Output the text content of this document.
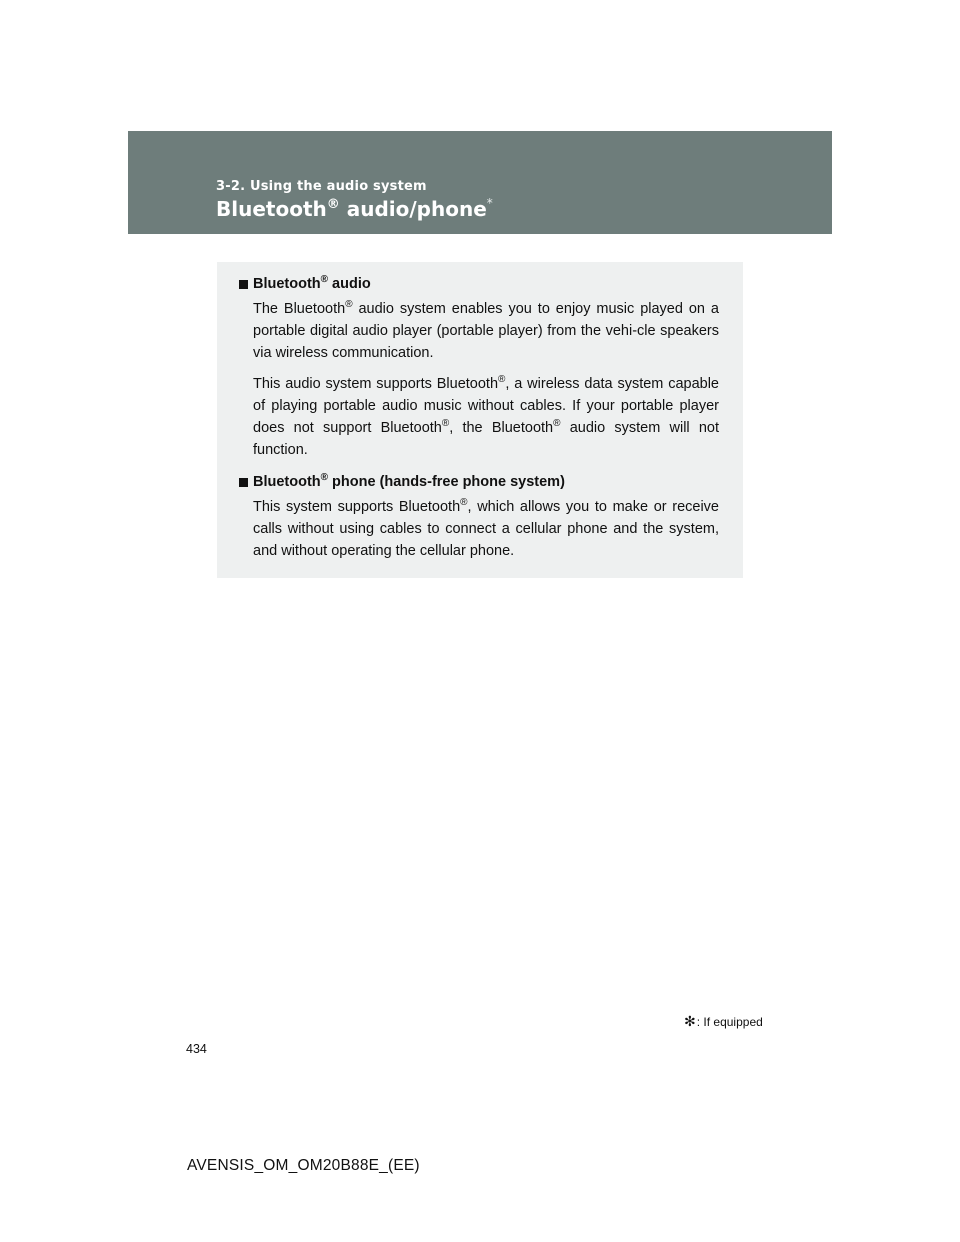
3-2. Using the audio system
Bluetooth® audio/phone*
Bluetooth® audio

The Bluetooth® audio system enables you to enjoy music played on a portable digital audio player (portable player) from the vehi-cle speakers via wireless communication.

This audio system supports Bluetooth®, a wireless data system capable of playing portable audio music without cables. If your portable player does not support Bluetooth®, the Bluetooth® audio system will not function.

Bluetooth® phone (hands-free phone system)

This system supports Bluetooth®, which allows you to make or receive calls without using cables to connect a cellular phone and the system, and without operating the cellular phone.

✻: If equipped
434
AVENSIS_OM_OM20B88E_(EE)
